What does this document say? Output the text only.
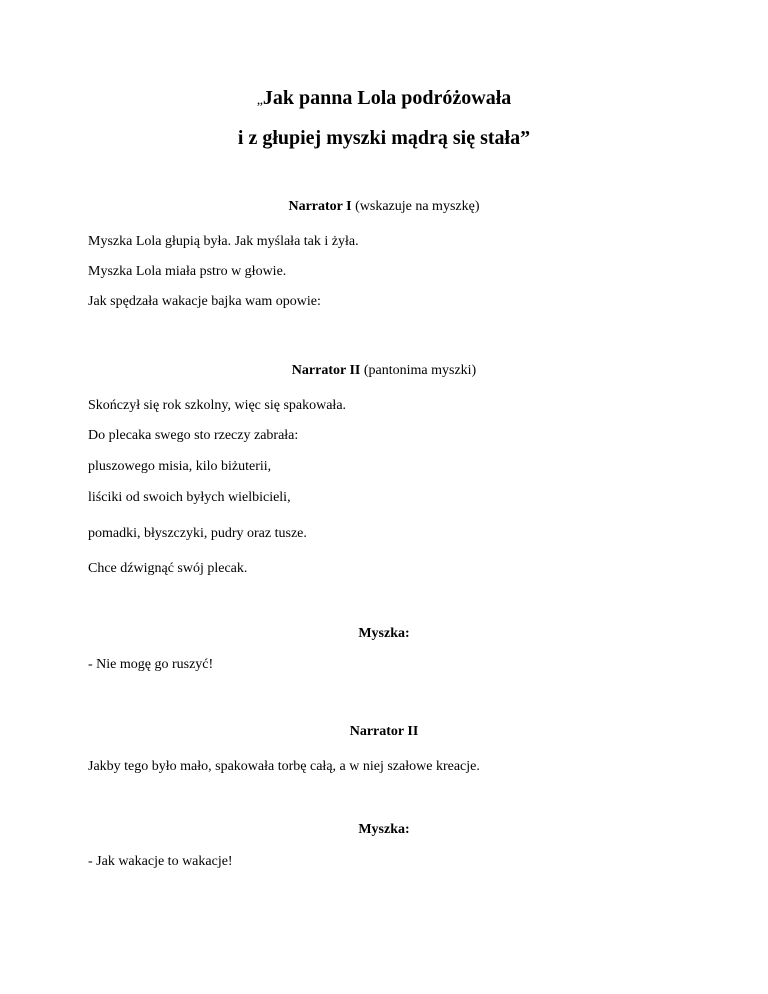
„Jak panna Lola podróżowała
i z głupiej myszki mądrą się stała”
Narrator I (wskazuje na myszkę)
Myszka Lola głupią była. Jak myślała tak i żyła.
Myszka Lola miała pstro w głowie.
Jak spędzała wakacje bajka wam opowie:
Narrator II (pantonima myszki)
Skończył się rok szkolny, więc się spakowała.
Do plecaka swego sto rzeczy zabrała:
pluszowego misia, kilo biżuterii,
liściki od swoich byłych wielbicieli,
pomadki, błyszczyki, pudry oraz tusze.
Chce dźwignąć swój plecak.
Myszka:
- Nie mogę go ruszyć!
Narrator II
Jakby tego było mało, spakowała torbę całą, a w niej szałowe kreacje.
Myszka:
- Jak wakacje to wakacje!
